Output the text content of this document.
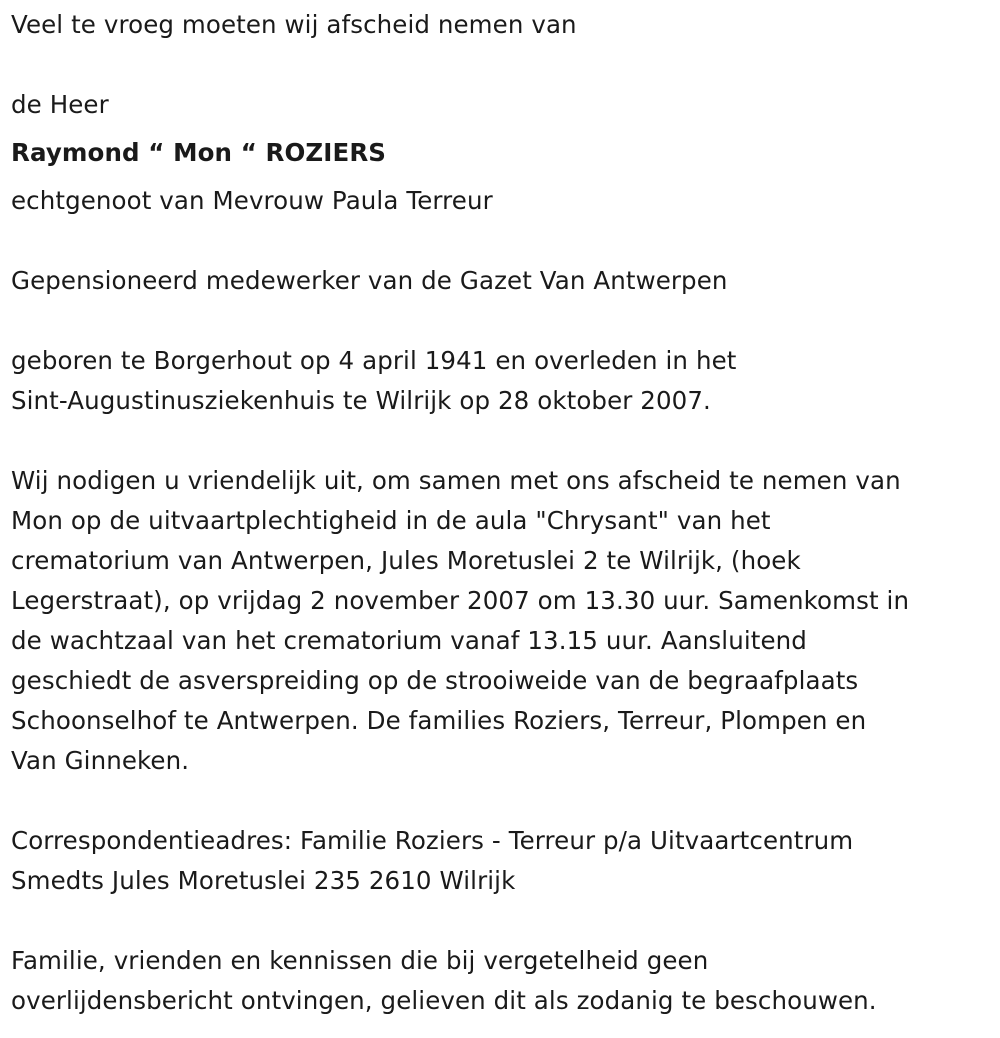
Veel te vroeg moeten wij afscheid nemen van
de Heer
Raymond “ Mon “ ROZIERS
echtgenoot van Mevrouw Paula Terreur
Gepensioneerd medewerker van de Gazet Van Antwerpen
geboren te Borgerhout op 4 april 1941 en overleden in het
Sint-Augustinusziekenhuis te Wilrijk op 28 oktober 2007.
Wij nodigen u vriendelijk uit, om samen met ons afscheid te nemen van
Mon op de uitvaartplechtigheid in de aula "Chrysant" van het
crematorium van Antwerpen, Jules Moretuslei 2 te Wilrijk, (hoek
Legerstraat), op vrijdag 2 november 2007 om 13.30 uur. Samenkomst in
de wachtzaal van het crematorium vanaf 13.15 uur. Aansluitend
geschiedt de asverspreiding op de strooiweide van de begraafplaats
Schoonselhof te Antwerpen. De families Roziers, Terreur, Plompen en
Van Ginneken.
Correspondentieadres: Familie Roziers - Terreur p/a Uitvaartcentrum
Smedts Jules Moretuslei 235 2610 Wilrijk
Familie, vrienden en kennissen die bij vergetelheid geen
overlijdensbericht ontvingen, gelieven dit als zodanig te beschouwen.
